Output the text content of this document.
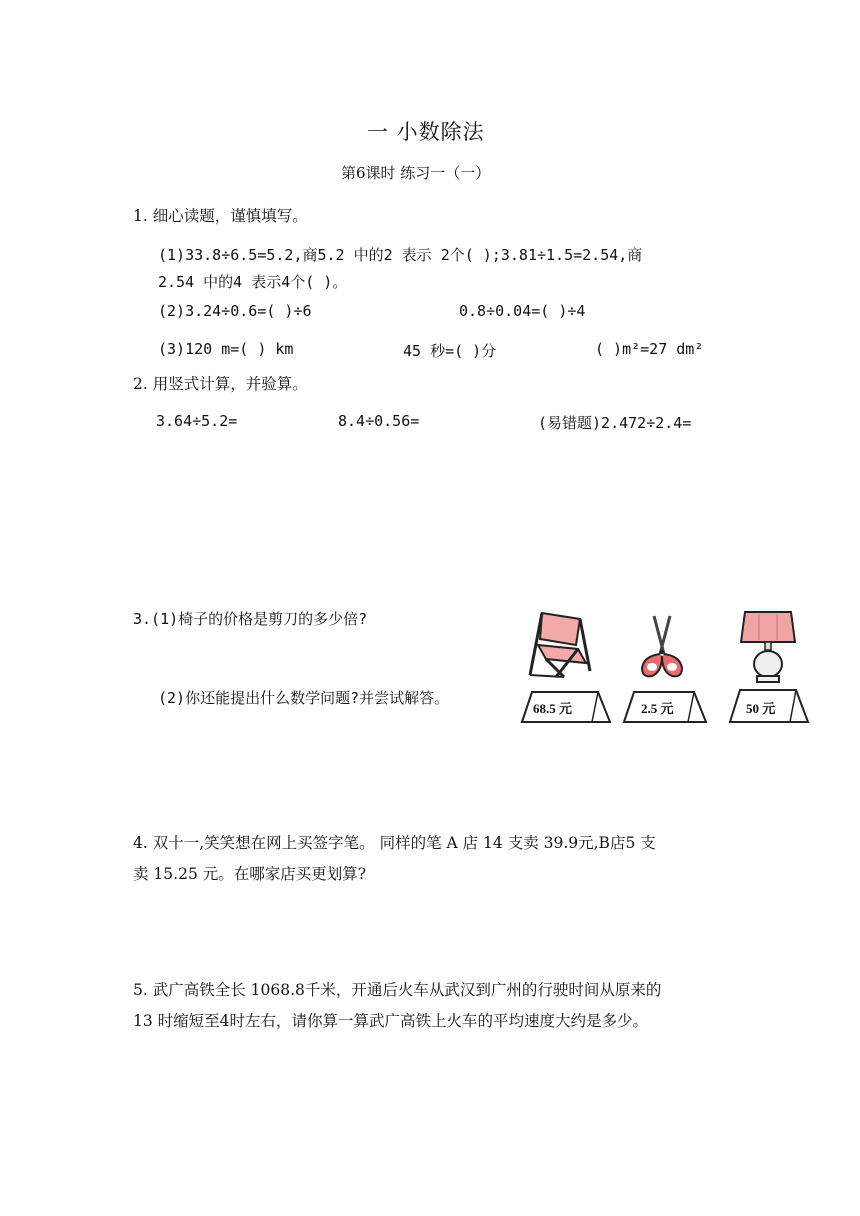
一 小数除法
第6课时 练习一（一）
1. 细心读题，谨慎填写。
(1)33.8÷6.5=5.2,商5.2 中的2 表示 2个( );3.81÷1.5=2.54,商
2.54 中的4 表示4个( )。
(2)3.24÷0.6=( )÷6	0.8÷0.04=( )÷4
(3)120 m=( ) km	45 秒=( )分	( )m²=27 dm²
2. 用竖式计算，并验算。
3.64÷5.2=	8.4÷0.56=	(易错题)2.472÷2.4=
3.(1)椅子的价格是剪刀的多少倍?
(2)你还能提出什么数学问题?并尝试解答。
68.5 元	2.5 元	50 元
4. 双十一,笑笑想在网上买签字笔。 同样的笔 A 店 14 支卖 39.9元,B店5 支
卖 15.25 元。在哪家店买更划算?
5. 武广高铁全长 1068.8千米，开通后火车从武汉到广州的行驶时间从原来的
13 时缩短至4时左右，请你算一算武广高铁上火车的平均速度大约是多少。
